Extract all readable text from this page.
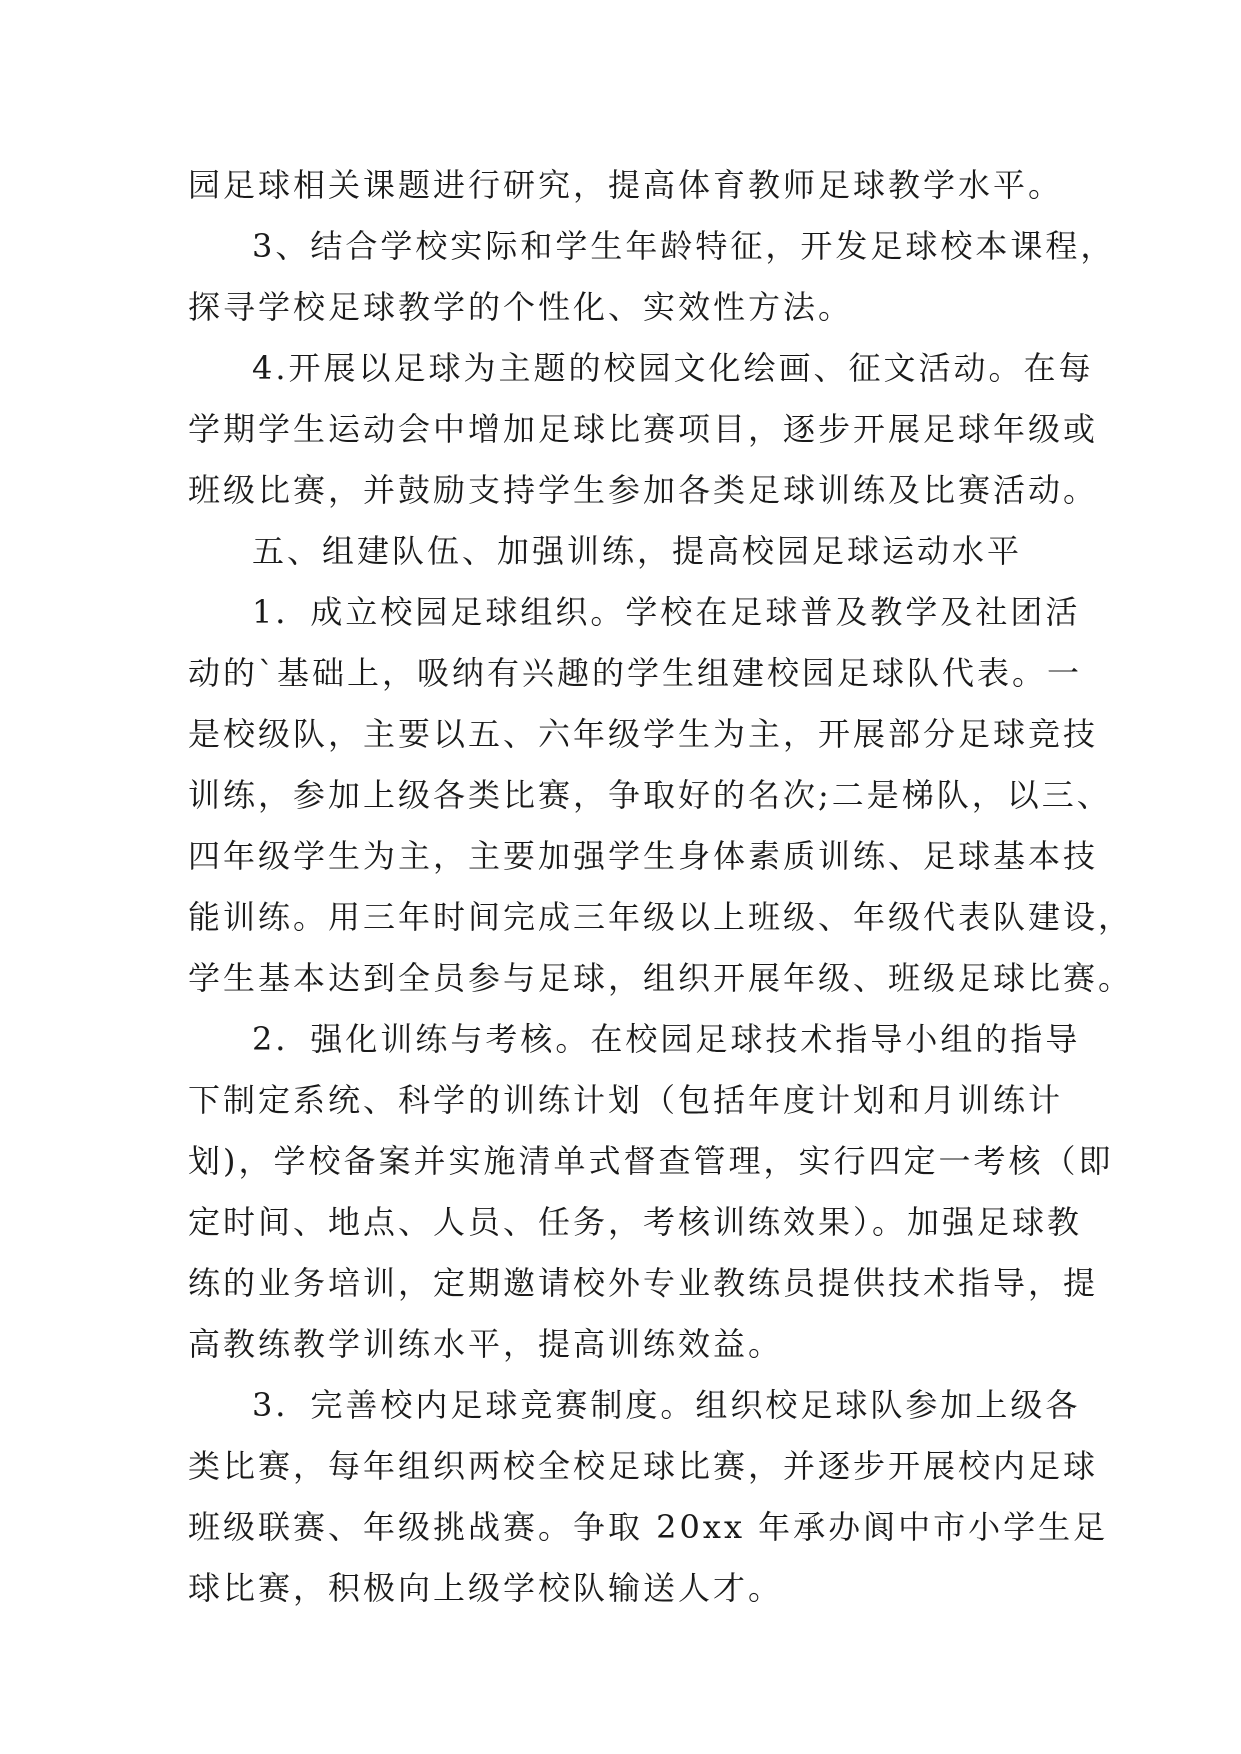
园足球相关课题进行研究，提高体育教师足球教学水平。
3、结合学校实际和学生年龄特征，开发足球校本课程，
探寻学校足球教学的个性化、实效性方法。
4.开展以足球为主题的校园文化绘画、征文活动。在每
学期学生运动会中增加足球比赛项目，逐步开展足球年级或
班级比赛，并鼓励支持学生参加各类足球训练及比赛活动。
五、组建队伍、加强训练，提高校园足球运动水平
1．成立校园足球组织。学校在足球普及教学及社团活
动的`基础上，吸纳有兴趣的学生组建校园足球队代表。一
是校级队，主要以五、六年级学生为主，开展部分足球竞技
训练，参加上级各类比赛，争取好的名次;二是梯队，以三、
四年级学生为主，主要加强学生身体素质训练、足球基本技
能训练。用三年时间完成三年级以上班级、年级代表队建设，
学生基本达到全员参与足球，组织开展年级、班级足球比赛。
2．强化训练与考核。在校园足球技术指导小组的指导
下制定系统、科学的训练计划（包括年度计划和月训练计
划)，学校备案并实施清单式督查管理，实行四定一考核（即
定时间、地点、人员、任务，考核训练效果）。加强足球教
练的业务培训，定期邀请校外专业教练员提供技术指导，提
高教练教学训练水平，提高训练效益。
3．完善校内足球竞赛制度。组织校足球队参加上级各
类比赛，每年组织两校全校足球比赛，并逐步开展校内足球
班级联赛、年级挑战赛。争取 20xx 年承办阆中市小学生足
球比赛，积极向上级学校队输送人才。
